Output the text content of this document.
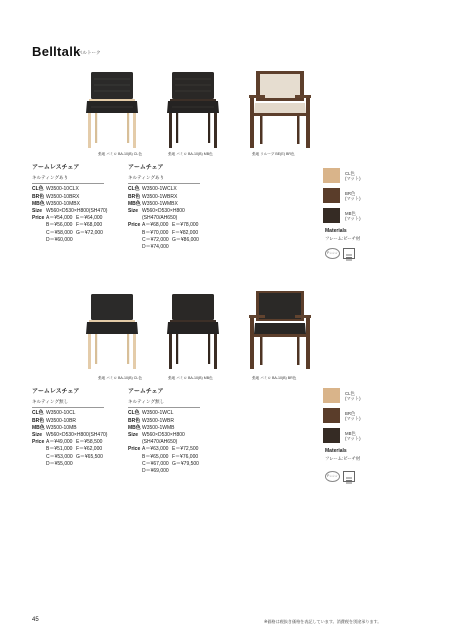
Belltalk
ベルトーク
張地 バミロ BA-10(B) CL色	張地 バミロ BA-10(B) MB色	張地 リループ BE(E) BR色
アームレスチェア
キルティングあり
CL色 W3500-10CLX
BR色 W3500-10BRX
MB色 W3500-10MBX
Size W560×D530×H800(SH470)
Price A＝¥54,000 E＝¥64,000
B＝¥56,000 F＝¥68,000
C＝¥58,000 G＝¥72,000
D＝¥60,000
アームチェア
キルティングあり
CL色 W3500-1WCLX
BR色 W3500-1WBRX
MB色 W3500-1WMBX
Size W560×D530×H800
(SH470/AH650)
Price A＝¥68,000 E＝¥78,000
B＝¥70,000 F＝¥82,000
C＝¥72,000 G＝¥86,000
D＝¥74,000
CL色
(マット)
BR色
(マット)
MB色
(マット)
Materials
フレーム:ビーチ材
F☆☆☆
張地 バミロ BA-10(B) CL色	張地 バミロ BA-10(B) MB色	張地 バミロ BA-10(B) BR色
アームレスチェア
キルティング無し
CL色 W3500-10CL
BR色 W3500-10BR
MB色 W3500-10MB
Size W560×D530×H800(SH470)
Price A＝¥49,000 E＝¥58,500
B＝¥51,000 F＝¥62,000
C＝¥53,000 G＝¥65,500
D＝¥55,000
アームチェア
キルティング無し
CL色 W3500-1WCL
BR色 W3500-1WBR
MB色 W3500-1WMB
Size W560×D530×H800
(SH470/AH650)
Price A＝¥63,000 E＝¥72,500
B＝¥65,000 F＝¥76,000
C＝¥67,000 G＝¥79,500
D＝¥69,000
CL色
(マット)
BR色
(マット)
MB色
(マット)
Materials
フレーム:ビーチ材
F☆☆☆
45	※価格は税抜き価格を表記しています。消費税を別途承ります。
